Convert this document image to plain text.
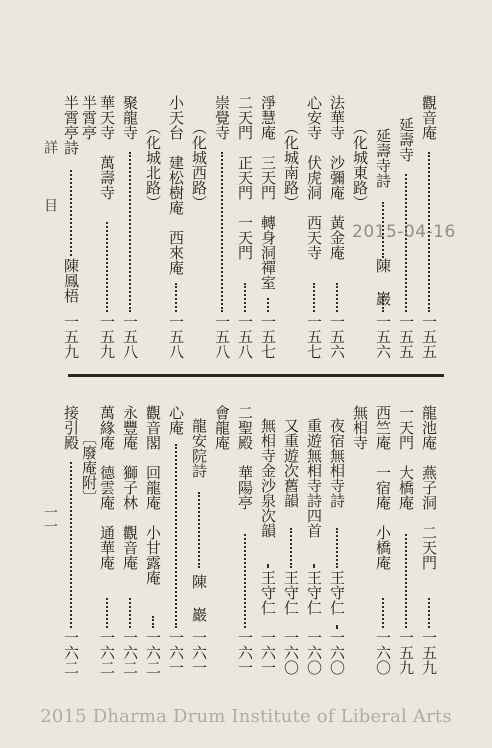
詳 目
一一
觀音庵
一五五
延壽寺
一五五
延壽寺詩
陳 巖
一五六
（化城東路）
法華寺　沙彌庵　黃金庵
一五六
心安寺　伏虎洞　西天寺
一五七
（化城南路）
淨慧庵　三天門　轉身洞禪室
一五七
二天門　正天門　一天門
一五八
崇覺寺
一五八
（化城西路）
小天台　建松樹庵　西來庵
一五八
（化城北路）
聚龍寺
一五八
華天寺　萬壽寺
一五九
半霄亭
半霄亭詩
陳鳳梧
一五九
2015-04-16
龍池庵　燕子洞　二天門
一五九
一天門　大橋庵
一五九
西竺庵　一宿庵　小橋庵
一六〇
無相寺
夜宿無相寺詩
王守仁
一六〇
重遊無相寺詩四首
王守仁
一六〇
又重遊次舊韻
王守仁
一六〇
無相寺金沙泉次韻
王守仁
一六一
二聖殿　華陽亭
一六一
會龍庵
龍安院詩
陳 巖
一六一
心庵
一六一
觀音閣　回龍庵　小甘露庵
一六二
永豐庵　獅子林　觀音庵
一六二
萬緣庵　德雲庵　通華庵
一六二
〔廢庵附〕
接引殿
一六二
2015 Dharma Drum Institute of Liberal Arts
